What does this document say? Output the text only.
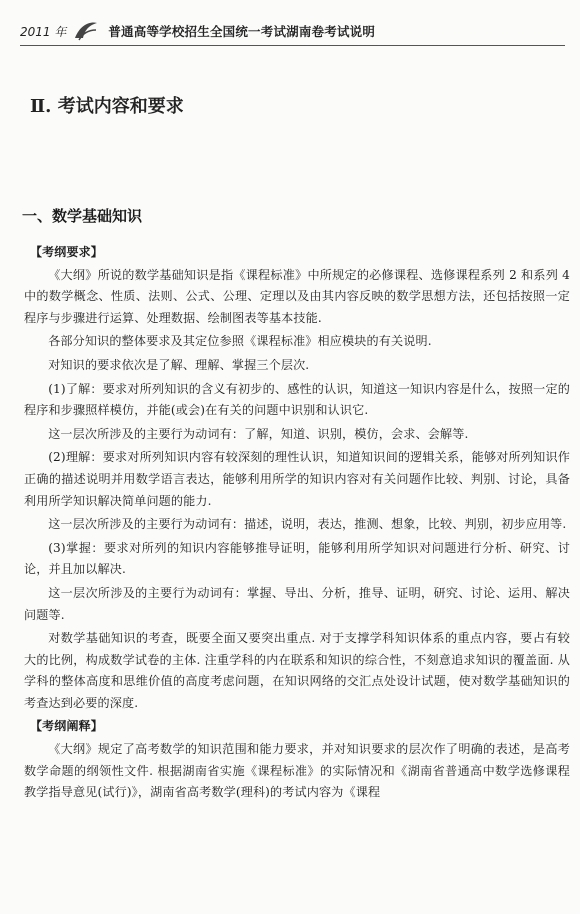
2011 年	普通高等学校招生全国统一考试湖南卷考试说明
Ⅱ. 考试内容和要求
一、数学基础知识

【考纲要求】

《大纲》所说的数学基础知识是指《课程标准》中所规定的必修课程、选修课程系列 2 和系列 4 中的数学概念、性质、法则、公式、公理、定理以及由其内容反映的数学思想方法，还包括按照一定程序与步骤进行运算、处理数据、绘制图表等基本技能.

各部分知识的整体要求及其定位参照《课程标准》相应模块的有关说明.

对知识的要求依次是了解、理解、掌握三个层次.

(1)了解：要求对所列知识的含义有初步的、感性的认识，知道这一知识内容是什么，按照一定的程序和步骤照样模仿，并能(或会)在有关的问题中识别和认识它.

这一层次所涉及的主要行为动词有：了解，知道、识别，模仿，会求、会解等.

(2)理解：要求对所列知识内容有较深刻的理性认识，知道知识间的逻辑关系，能够对所列知识作正确的描述说明并用数学语言表达，能够利用所学的知识内容对有关问题作比较、判别、讨论，具备利用所学知识解决简单问题的能力.

这一层次所涉及的主要行为动词有：描述，说明，表达，推测、想象，比较、判别，初步应用等.

(3)掌握：要求对所列的知识内容能够推导证明，能够利用所学知识对问题进行分析、研究、讨论，并且加以解决.

这一层次所涉及的主要行为动词有：掌握、导出、分析，推导、证明，研究、讨论、运用、解决问题等.

对数学基础知识的考查，既要全面又要突出重点. 对于支撑学科知识体系的重点内容，要占有较大的比例，构成数学试卷的主体. 注重学科的内在联系和知识的综合性，不刻意追求知识的覆盖面. 从学科的整体高度和思维价值的高度考虑问题，在知识网络的交汇点处设计试题，使对数学基础知识的考查达到必要的深度.

【考纲阐释】

《大纲》规定了高考数学的知识范围和能力要求，并对知识要求的层次作了明确的表述，是高考数学命题的纲领性文件. 根据湖南省实施《课程标准》的实际情况和《湖南省普通高中数学选修课程教学指导意见(试行)》，湖南省高考数学(理科)的考试内容为《课程
